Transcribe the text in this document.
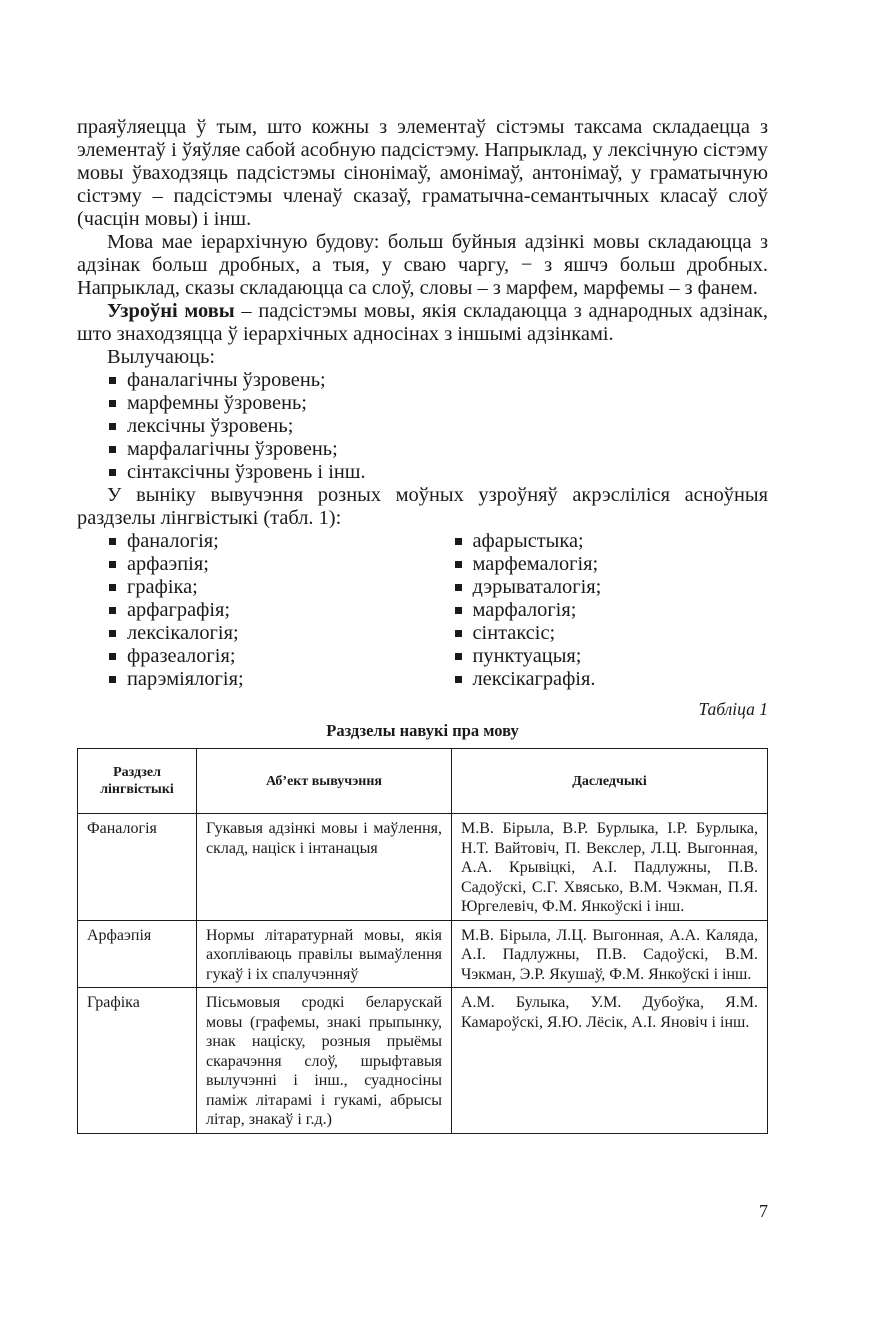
праяўляецца ў тым, што кожны з элементаў сістэмы таксама складаецца з элементаў і ўяўляе сабой асобную падсістэму. Напрыклад, у лексічную сістэму мовы ўваходзяць падсістэмы сінонімаў, амонімаў, антонімаў, у граматычную сістэму – падсістэмы членаў сказаў, граматычна-семантычных класаў слоў (часцін мовы) і інш.

Мова мае іерархічную будову: больш буйныя адзінкі мовы складаюцца з адзінак больш дробных, а тыя, у сваю чаргу, − з яшчэ больш дробных. Напрыклад, сказы складаюцца са слоў, словы – з марфем, марфемы – з фанем.

Узроўні мовы – падсістэмы мовы, якія складаюцца з аднародных адзінак, што знаходзяцца ў іерархічных адносінах з іншымі адзінкамі.

Вылучаюць:

фаналагічны ўзровень;
марфемны ўзровень;
лексічны ўзровень;
марфалагічны ўзровень;
сінтаксічны ўзровень і інш.

У выніку вывучэння розных моўных узроўняў акрэсліліся асноўныя раздзелы лінгвістыкі (табл. 1):

фаналогія;
арфаэпія;
графіка;
арфаграфія;
лексікалогія;
фразеалогія;
парэміялогія;
афарыстыка;
марфемалогія;
дэрыватaлогія;
марфалогія;
сінтаксіс;
пунктуацыя;
лексікаграфія.
Табліца 1
Раздзелы навукі пра мову
Раздзел лінгвістыкі	Аб’ект вывучэння	Даследчыкі
Фаналогія	Гукавыя адзінкі мовы і маўлення, склад, націск і інтанацыя	М.В. Бірыла, В.Р. Бурлыка, І.Р. Бурлыка, Н.Т. Вайтовіч, П. Векслер, Л.Ц. Выгонная, А.А. Крывіцкі, А.І. Падлужны, П.В. Садоўскі, С.Г. Хвясько, В.М. Чэкман, П.Я. Юргелевіч, Ф.М. Янкоўскі і інш.
Арфаэпія	Нормы літаратурнай мовы, якія ахопліваюць правілы вымаўлення гукаў і іх спалучэнняў	М.В. Бірыла, Л.Ц. Выгонная, А.А. Каляда, А.І. Падлужны, П.В. Садоўскі, В.М. Чэкман, Э.Р. Якушаў, Ф.М. Янкоўскі і інш.
Графіка	Пісьмовыя сродкі беларускай мовы (графемы, знакі прыпынку, знак націску, розныя прыёмы скарачэння слоў, шрыфтавыя вылучэнні і інш., суадносіны паміж літарамі і гукамі, абрысы літар, знакаў і г.д.)	А.М. Булыка, У.М. Дубоўка, Я.М. Камароўскі, Я.Ю. Лёсік, А.І. Яновіч і інш.
7
